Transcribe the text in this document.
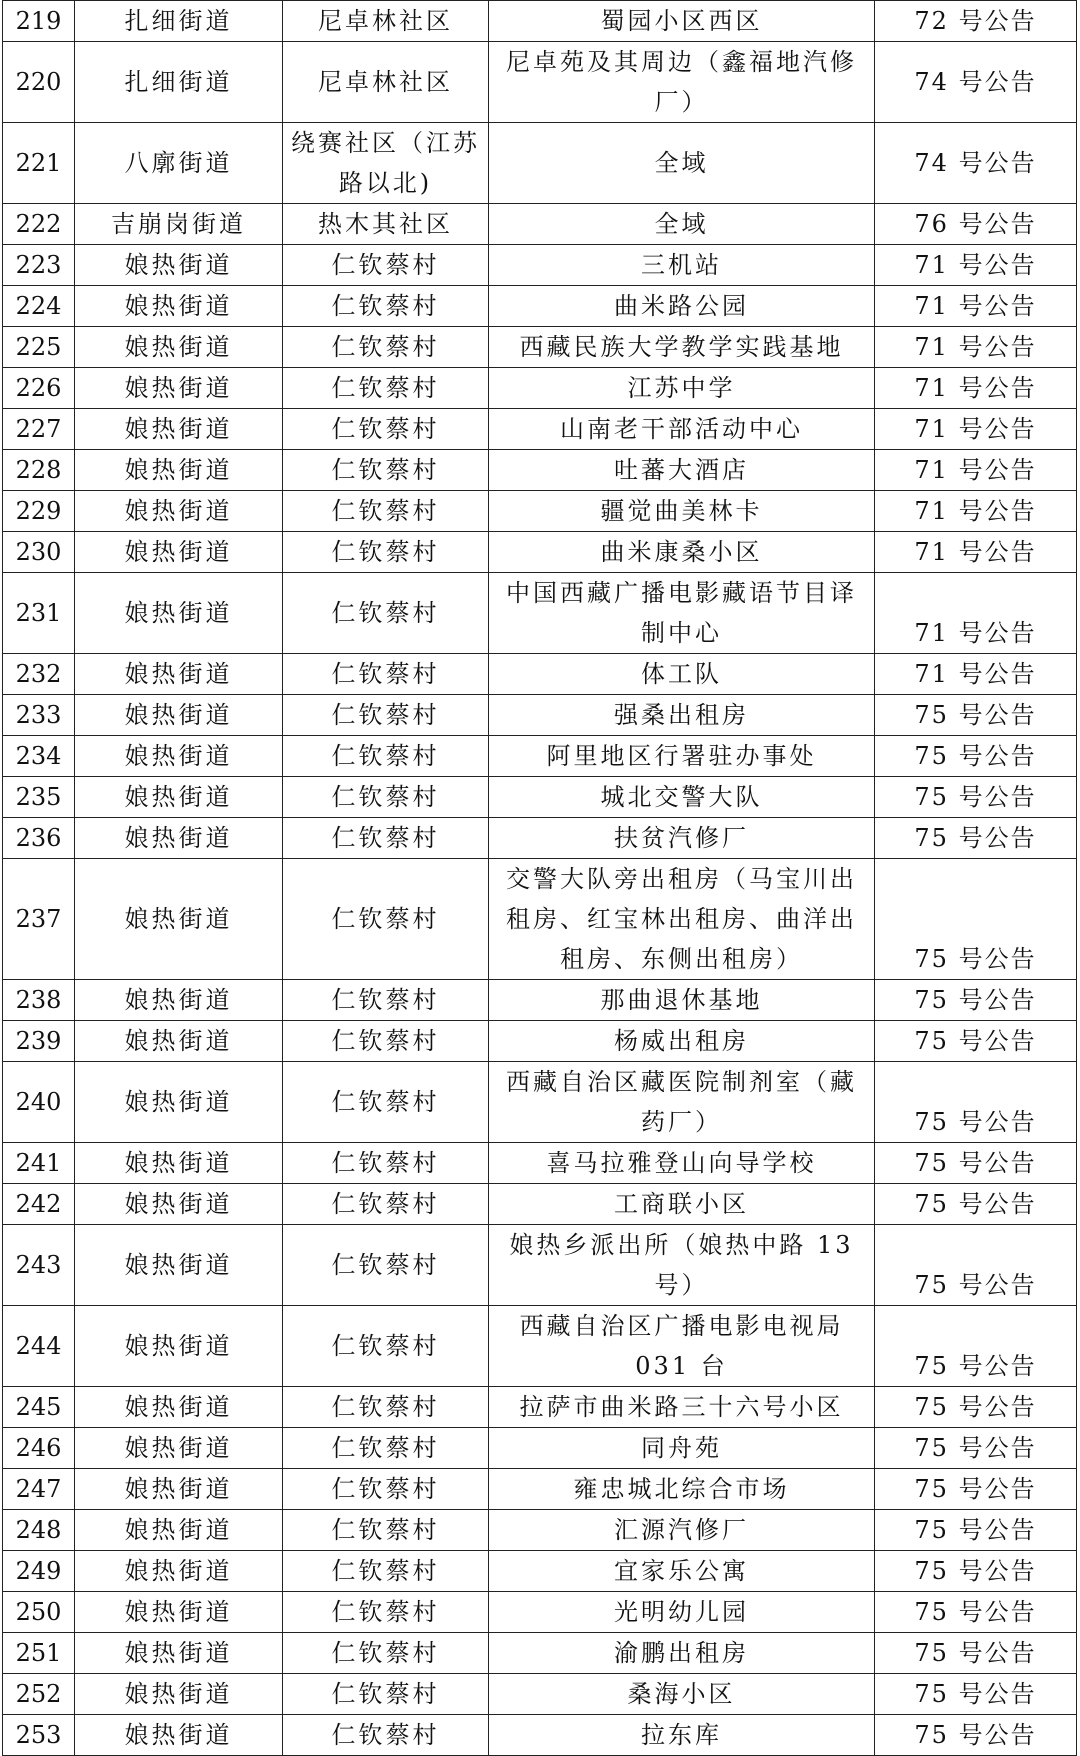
219	扎细街道	尼卓林社区	蜀园小区西区	72 号公告
220	扎细街道	尼卓林社区	尼卓苑及其周边（鑫福地汽修厂）	74 号公告
221	八廓街道	绕赛社区（江苏路以北)	全域	74 号公告
222	吉崩岗街道	热木其社区	全域	76 号公告
223	娘热街道	仁钦蔡村	三机站	71 号公告
224	娘热街道	仁钦蔡村	曲米路公园	71 号公告
225	娘热街道	仁钦蔡村	西藏民族大学教学实践基地	71 号公告
226	娘热街道	仁钦蔡村	江苏中学	71 号公告
227	娘热街道	仁钦蔡村	山南老干部活动中心	71 号公告
228	娘热街道	仁钦蔡村	吐蕃大酒店	71 号公告
229	娘热街道	仁钦蔡村	疆觉曲美林卡	71 号公告
230	娘热街道	仁钦蔡村	曲米康桑小区	71 号公告
231	娘热街道	仁钦蔡村	中国西藏广播电影藏语节目译制中心	71 号公告
232	娘热街道	仁钦蔡村	体工队	71 号公告
233	娘热街道	仁钦蔡村	强桑出租房	75 号公告
234	娘热街道	仁钦蔡村	阿里地区行署驻办事处	75 号公告
235	娘热街道	仁钦蔡村	城北交警大队	75 号公告
236	娘热街道	仁钦蔡村	扶贫汽修厂	75 号公告
237	娘热街道	仁钦蔡村	交警大队旁出租房（马宝川出租房、红宝林出租房、曲洋出租房、东侧出租房）	75 号公告
238	娘热街道	仁钦蔡村	那曲退休基地	75 号公告
239	娘热街道	仁钦蔡村	杨威出租房	75 号公告
240	娘热街道	仁钦蔡村	西藏自治区藏医院制剂室（藏药厂）	75 号公告
241	娘热街道	仁钦蔡村	喜马拉雅登山向导学校	75 号公告
242	娘热街道	仁钦蔡村	工商联小区	75 号公告
243	娘热街道	仁钦蔡村	娘热乡派出所（娘热中路 13 号）	75 号公告
244	娘热街道	仁钦蔡村	西藏自治区广播电影电视局 031 台	75 号公告
245	娘热街道	仁钦蔡村	拉萨市曲米路三十六号小区	75 号公告
246	娘热街道	仁钦蔡村	同舟苑	75 号公告
247	娘热街道	仁钦蔡村	雍忠城北综合市场	75 号公告
248	娘热街道	仁钦蔡村	汇源汽修厂	75 号公告
249	娘热街道	仁钦蔡村	宜家乐公寓	75 号公告
250	娘热街道	仁钦蔡村	光明幼儿园	75 号公告
251	娘热街道	仁钦蔡村	渝鹏出租房	75 号公告
252	娘热街道	仁钦蔡村	桑海小区	75 号公告
253	娘热街道	仁钦蔡村	拉东库	75 号公告
